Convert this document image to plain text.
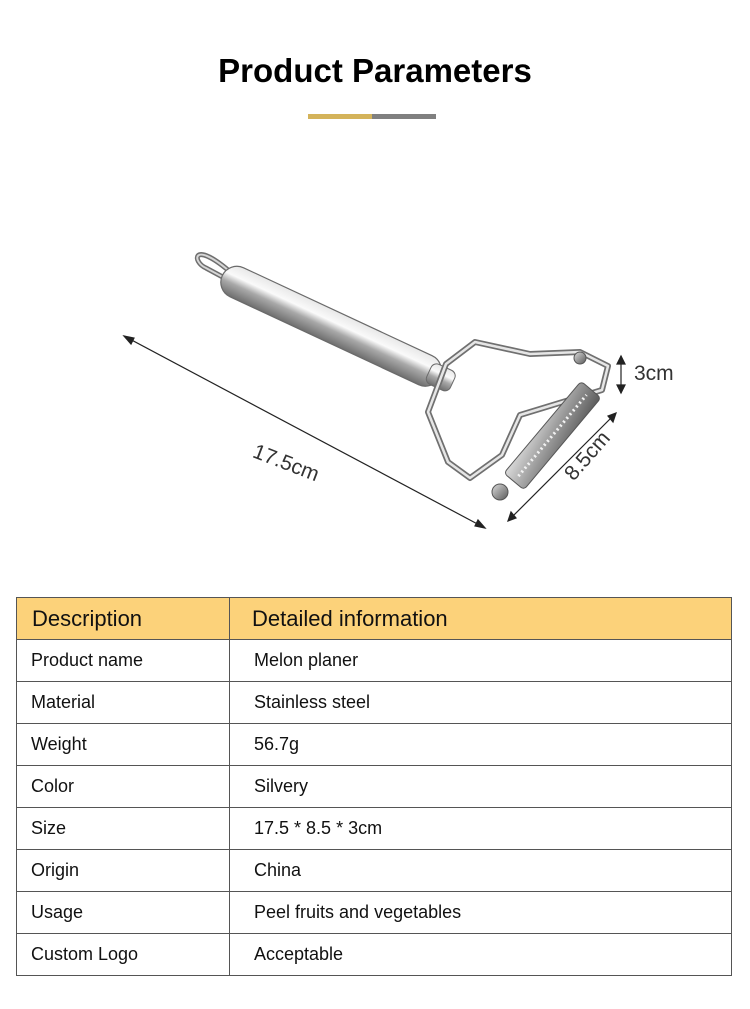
Product Parameters
17.5cm	8.5cm
3cm
Description	Detailed information
Product name	Melon planer
Material	Stainless steel
Weight	56.7g
Color	Silvery
Size	17.5 * 8.5 * 3cm
Origin	China
Usage	Peel fruits and vegetables
Custom Logo	Acceptable
